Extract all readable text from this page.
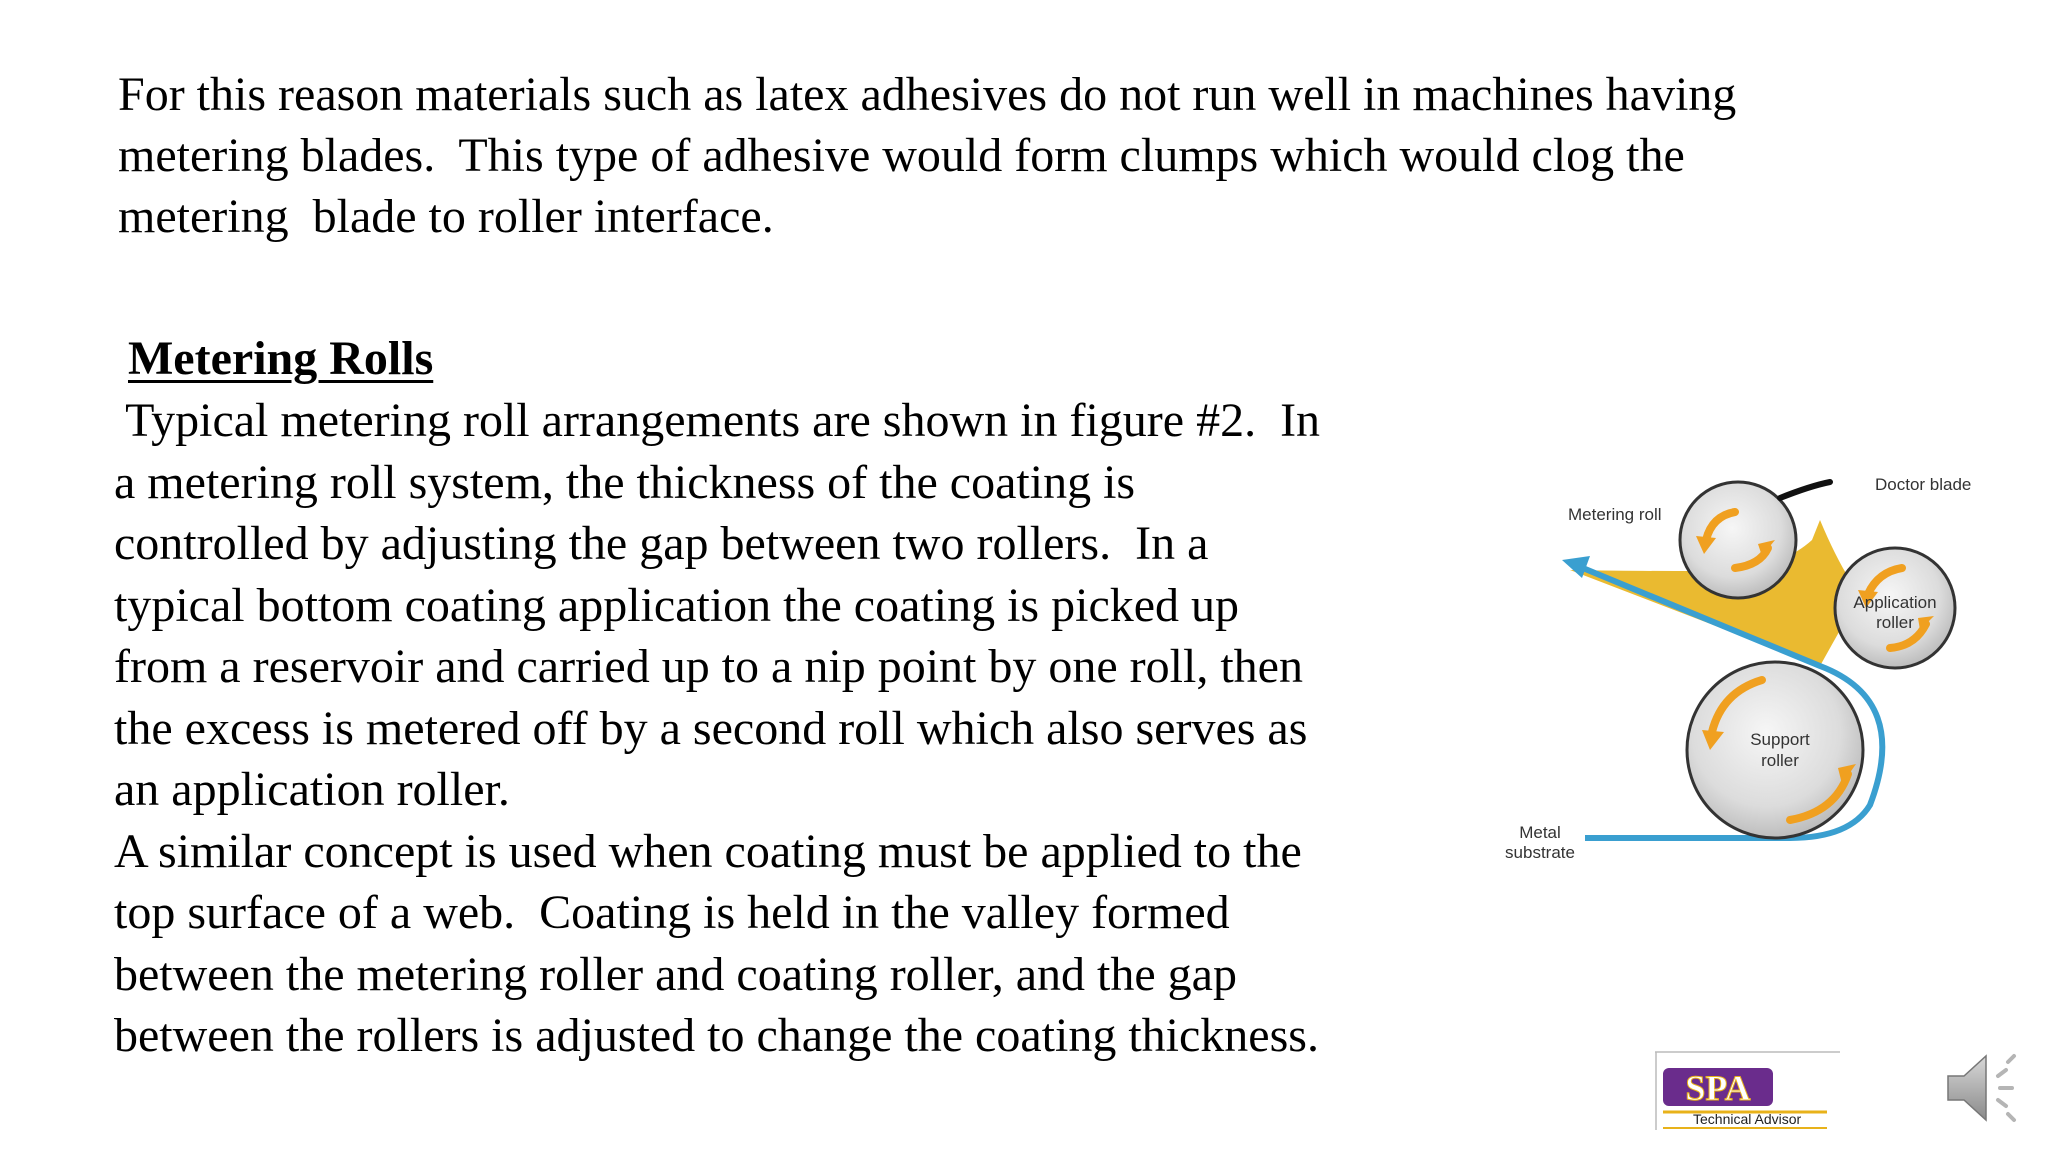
For this reason materials such as latex adhesives do not run well in machines having
metering blades.  This type of adhesive would form clumps which would clog the
metering  blade to roller interface.
Metering Rolls
Typical metering roll arrangements are shown in figure #2.  In
a metering roll system, the thickness of the coating is
controlled by adjusting the gap between two rollers.  In a
typical bottom coating application the coating is picked up
from a reservoir and carried up to a nip point by one roll, then
the excess is metered off by a second roll which also serves as
an application roller.
A similar concept is used when coating must be applied to the
top surface of a web.  Coating is held in the valley formed
between the metering roller and coating roller, and the gap
between the rollers is adjusted to change the coating thickness.
Metering roll
Doctor blade
Application
roller
Support
roller
Metal
substrate
SPA
Technical Advisor
